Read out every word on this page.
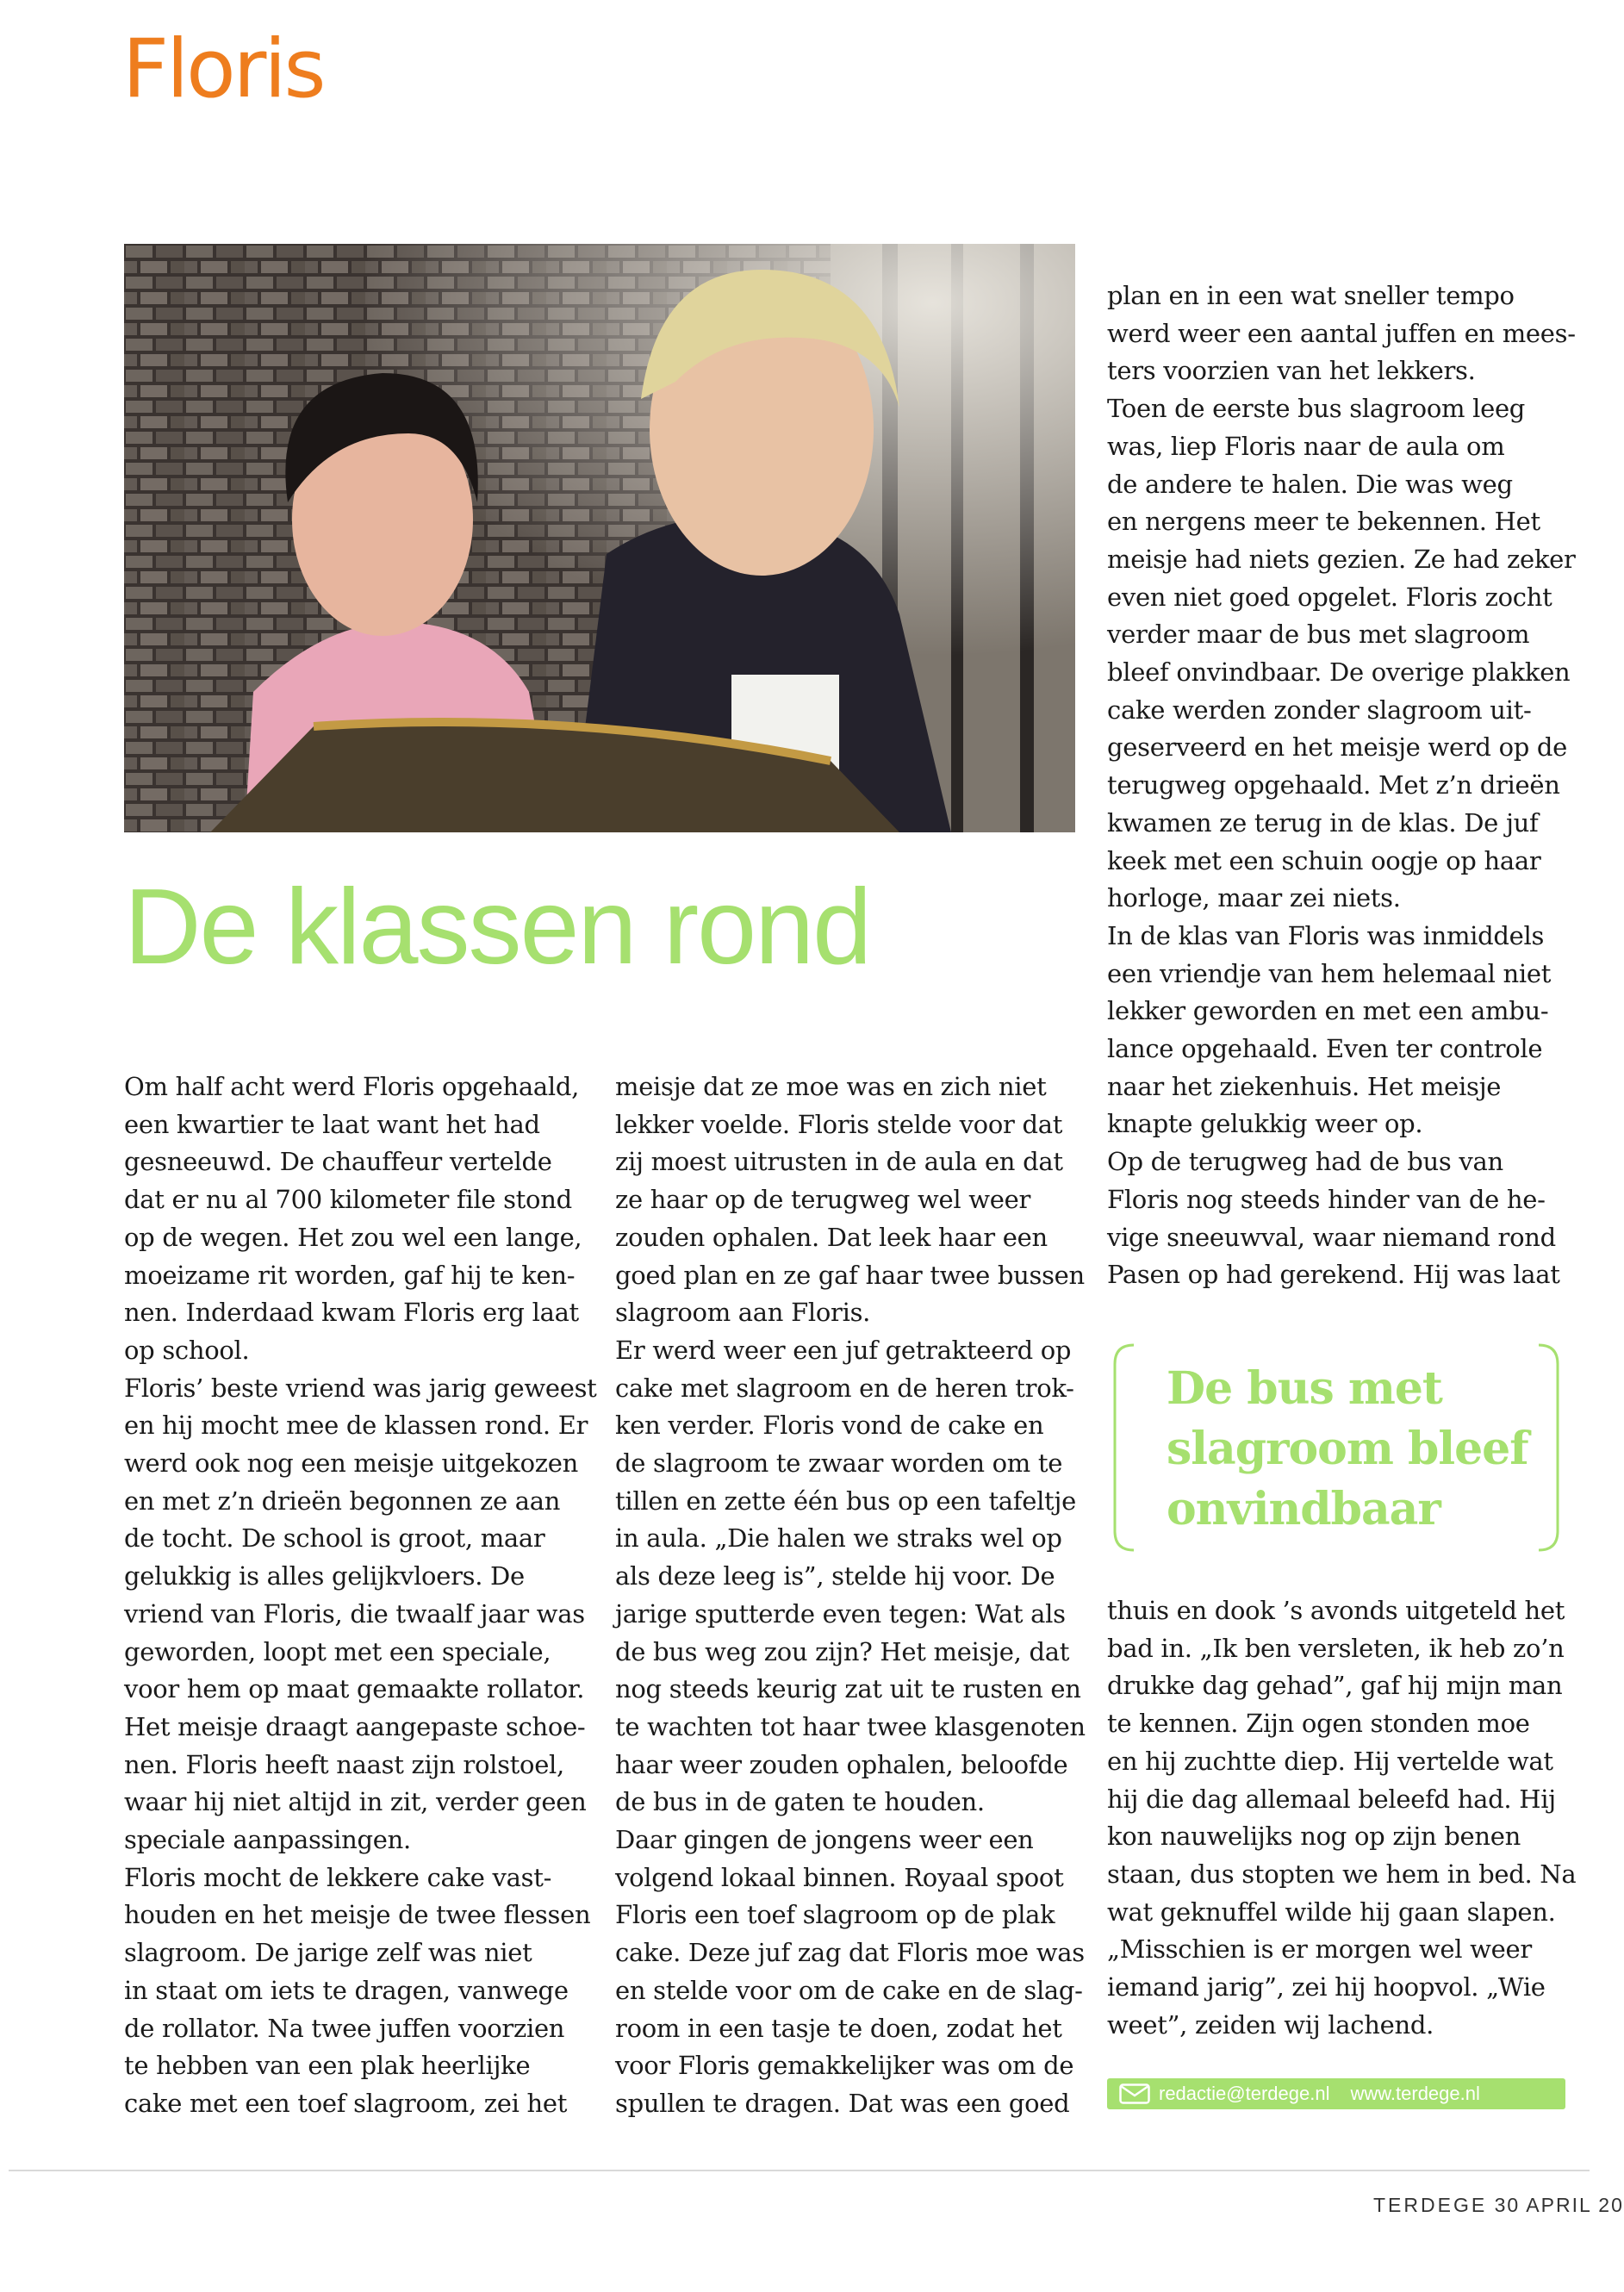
Floris
De klassen rond
Om half acht werd Floris opgehaald,
een kwartier te laat want het had
gesneeuwd. De chauffeur vertelde
dat er nu al 700 kilometer file stond
op de wegen. Het zou wel een lange,
moeizame rit worden, gaf hij te ken-
nen. Inderdaad kwam Floris erg laat
op school.
Floris’ beste vriend was jarig geweest
en hij mocht mee de klassen rond. Er
werd ook nog een meisje uitgekozen
en met z’n drieën begonnen ze aan
de tocht. De school is groot, maar
gelukkig is alles gelijkvloers. De
vriend van Floris, die twaalf jaar was
geworden, loopt met een speciale,
voor hem op maat gemaakte rollator.
Het meisje draagt aangepaste schoe-
nen. Floris heeft naast zijn rolstoel,
waar hij niet altijd in zit, verder geen
speciale aanpassingen.
Floris mocht de lekkere cake vast-
houden en het meisje de twee flessen
slagroom. De jarige zelf was niet
in staat om iets te dragen, vanwege
de rollator. Na twee juffen voorzien
te hebben van een plak heerlijke
cake met een toef slagroom, zei het
meisje dat ze moe was en zich niet
lekker voelde. Floris stelde voor dat
zij moest uitrusten in de aula en dat
ze haar op de terugweg wel weer
zouden ophalen. Dat leek haar een
goed plan en ze gaf haar twee bussen
slagroom aan Floris.
Er werd weer een juf getrakteerd op
cake met slagroom en de heren trok-
ken verder. Floris vond de cake en
de slagroom te zwaar worden om te
tillen en zette één bus op een tafeltje
in aula. „Die halen we straks wel op
als deze leeg is”, stelde hij voor. De
jarige sputterde even tegen: Wat als
de bus weg zou zijn? Het meisje, dat
nog steeds keurig zat uit te rusten en
te wachten tot haar twee klasgenoten
haar weer zouden ophalen, beloofde
de bus in de gaten te houden.
Daar gingen de jongens weer een
volgend lokaal binnen. Royaal spoot
Floris een toef slagroom op de plak
cake. Deze juf zag dat Floris moe was
en stelde voor om de cake en de slag-
room in een tasje te doen, zodat het
voor Floris gemakkelijker was om de
spullen te dragen. Dat was een goed
plan en in een wat sneller tempo
werd weer een aantal juffen en mees-
ters voorzien van het lekkers.
Toen de eerste bus slagroom leeg
was, liep Floris naar de aula om
de andere te halen. Die was weg
en nergens meer te bekennen. Het
meisje had niets gezien. Ze had zeker
even niet goed opgelet. Floris zocht
verder maar de bus met slagroom
bleef onvindbaar. De overige plakken
cake werden zonder slagroom uit-
geserveerd en het meisje werd op de
terugweg opgehaald. Met z’n drieën
kwamen ze terug in de klas. De juf
keek met een schuin oogje op haar
horloge, maar zei niets.
In de klas van Floris was inmiddels
een vriendje van hem helemaal niet
lekker geworden en met een ambu-
lance opgehaald. Even ter controle
naar het ziekenhuis. Het meisje
knapte gelukkig weer op.
Op de terugweg had de bus van
Floris nog steeds hinder van de he-
vige sneeuwval, waar niemand rond
Pasen op had gerekend. Hij was laat
De bus met
slagroom bleef
onvindbaar
thuis en dook ’s avonds uitgeteld het
bad in. „Ik ben versleten, ik heb zo’n
drukke dag gehad”, gaf hij mijn man
te kennen. Zijn ogen stonden moe
en hij zuchtte diep. Hij vertelde wat
hij die dag allemaal beleefd had. Hij
kon nauwelijks nog op zijn benen
staan, dus stopten we hem in bed. Na
wat geknuffel wilde hij gaan slapen.
„Misschien is er morgen wel weer
iemand jarig”, zei hij hoopvol. „Wie
weet”, zeiden wij lachend.
redactie@terdege.nl www.terdege.nl
TERDEGE 30 APRIL 20
